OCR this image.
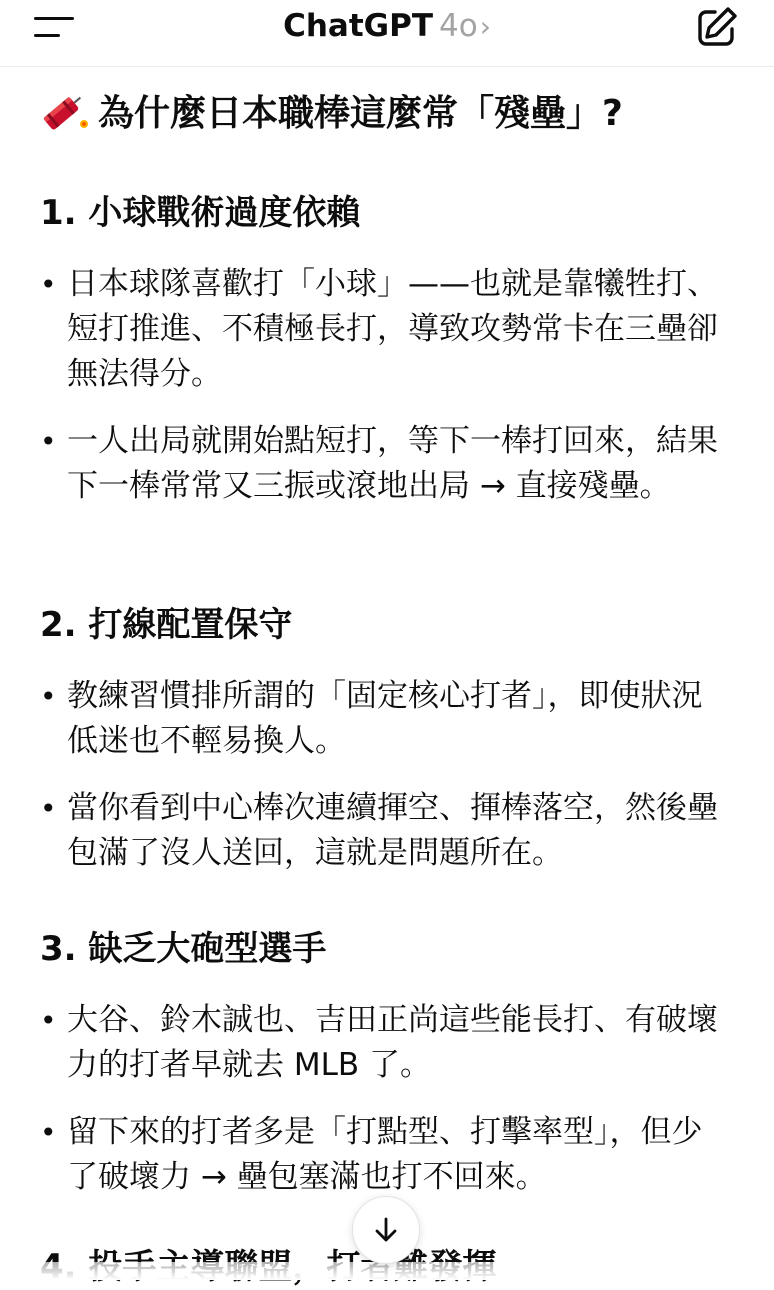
ChatGPT 4o›
為什麼日本職棒這麼常「殘壘」?
1. 小球戰術過度依賴
• 日本球隊喜歡打「小球」——也就是靠犧牲打、短打推進、不積極長打，導致攻勢常卡在三壘卻無法得分。
• 一人出局就開始點短打，等下一棒打回來，結果下一棒常常又三振或滾地出局 → 直接殘壘。
2. 打線配置保守
• 教練習慣排所謂的「固定核心打者」，即使狀況低迷也不輕易換人。
• 當你看到中心棒次連續揮空、揮棒落空，然後壘包滿了沒人送回，這就是問題所在。
3. 缺乏大砲型選手
• 大谷、鈴木誠也、吉田正尚這些能長打、有破壞力的打者早就去 MLB 了。
• 留下來的打者多是「打點型、打擊率型」，但少了破壞力 → 壘包塞滿也打不回來。
